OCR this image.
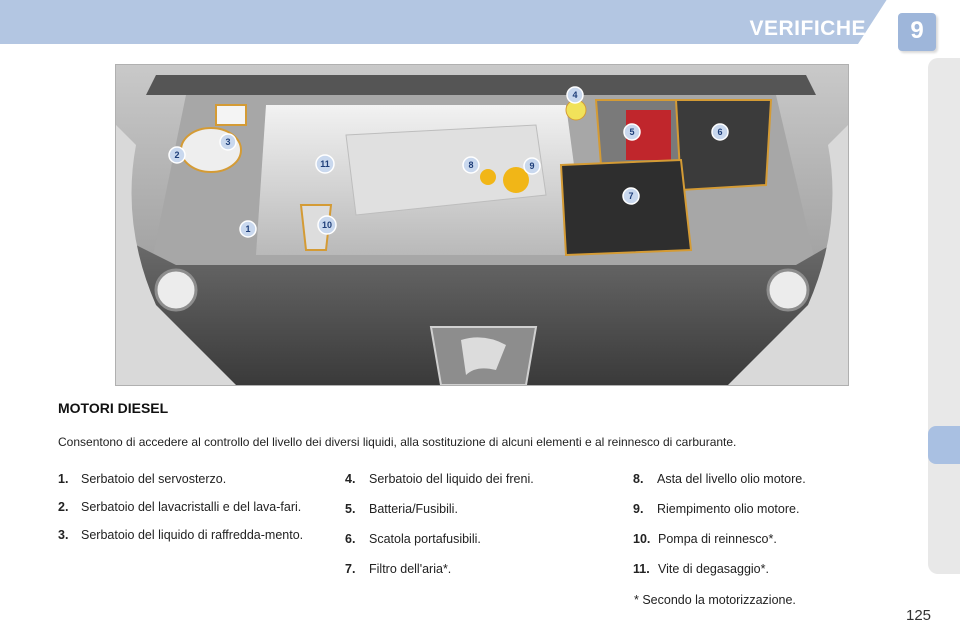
VERIFICHE	9
1
2
3
4
5	6
7
8	9
10
11
MOTORI DIESEL
Consentono di accedere al controllo del livello dei diversi liquidi, alla sostituzione di alcuni elementi e al reinnesco di carburante.
1.	Serbatoio del servosterzo.
2.	Serbatoio del lavacristalli e del lava-fari.
3.	Serbatoio del liquido di raffredda-mento.
4.	Serbatoio del liquido dei freni.
5.	Batteria/Fusibili.
6.	Scatola portafusibili.
7.	Filtro dell'aria*.
8.	Asta del livello olio motore.
9.	Riempimento olio motore.
10. Pompa di reinnesco*.
11. Vite di degasaggio*.
* Secondo la motorizzazione.
125
